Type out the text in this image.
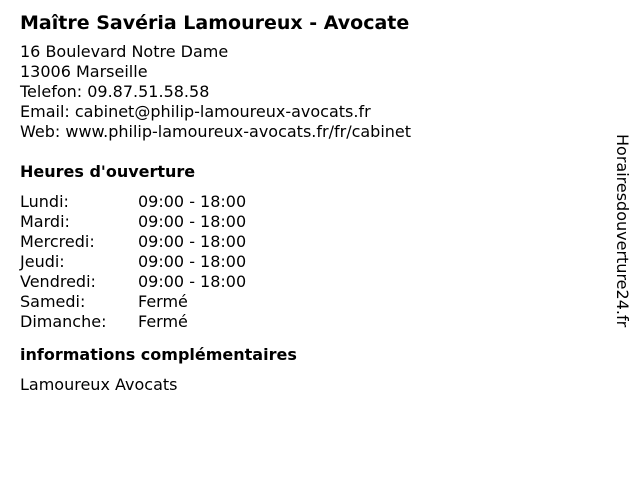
Maître Savéria Lamoureux - Avocate
16 Boulevard Notre Dame
13006 Marseille
Telefon: 09.87.51.58.58
Email: cabinet@philip-lamoureux-avocats.fr
Web: www.philip-lamoureux-avocats.fr/fr/cabinet
Heures d'ouverture
Lundi:	09:00 - 18:00
Mardi:	09:00 - 18:00
Mercredi:	09:00 - 18:00
Jeudi:	09:00 - 18:00
Vendredi:	09:00 - 18:00
Samedi:	Fermé
Dimanche:	Fermé
informations complémentaires
Lamoureux Avocats
Horairesdouverture24.fr
